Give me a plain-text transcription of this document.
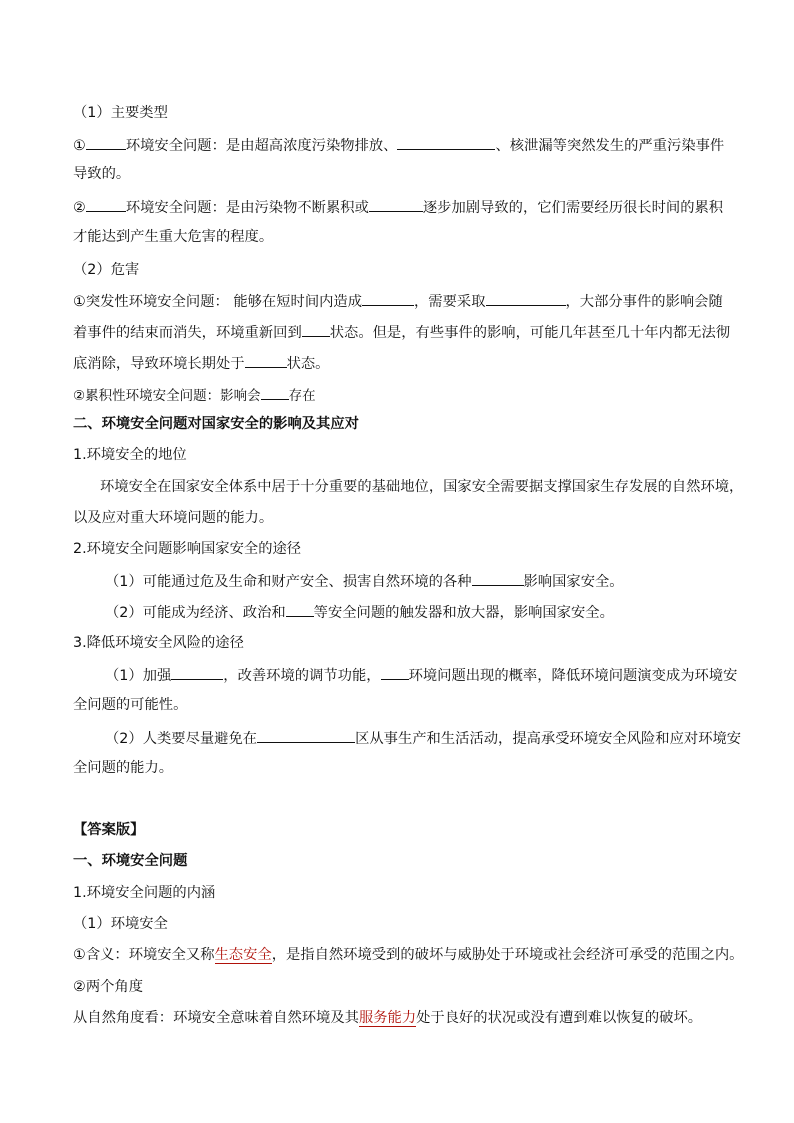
（1）主要类型
①	环境安全问题：是由超高浓度污染物排放、	、核泄漏等突然发生的严重污染事件
导致的。
②	环境安全问题：是由污染物不断累积或	逐步加剧导致的，它们需要经历很长时间的累积
才能达到产生重大危害的程度。
（2）危害
①突发性环境安全问题： 能够在短时间内造成	，需要采取	，大部分事件的影响会随
着事件的结束而消失，环境重新回到 状态。但是，有些事件的影响，可能几年甚至几十年内都无法彻
底消除，导致环境长期处于	状态。
②累积性环境安全问题：影响会 存在
二、环境安全问题对国家安全的影响及其应对
1.环境安全的地位
环境安全在国家安全体系中居于十分重要的基础地位，国家安全需要据支撑国家生存发展的自然环境，
以及应对重大环境问题的能力。
2.环境安全问题影响国家安全的途径
（1）可能通过危及生命和财产安全、损害自然环境的各种	影响国家安全。
（2）可能成为经济、政治和 等安全问题的触发器和放大器，影响国家安全。
3.降低环境安全风险的途径
（1）加强	，改善环境的调节功能， 环境问题出现的概率，降低环境问题演变成为环境安
全问题的可能性。
（2）人类要尽量避免在	区从事生产和生活活动，提高承受环境安全风险和应对环境安
全问题的能力。
【答案版】
一、环境安全问题
1.环境安全问题的内涵
（1）环境安全
①含义：环境安全又称生态安全，是指自然环境受到的破坏与威胁处于环境或社会经济可承受的范围之内。
②两个角度
从自然角度看：环境安全意味着自然环境及其服务能力处于良好的状况或没有遭到难以恢复的破坏。
